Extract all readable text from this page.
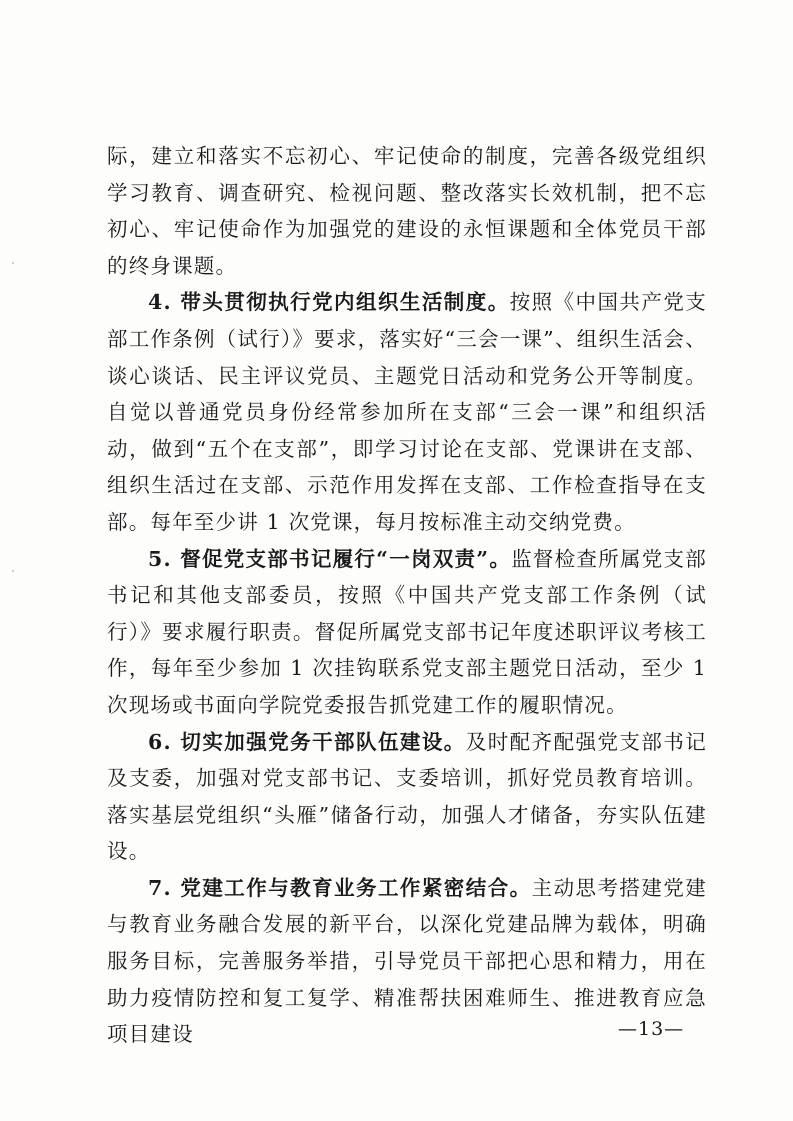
际，建立和落实不忘初心、牢记使命的制度，完善各级党组织学习教育、调查研究、检视问题、整改落实长效机制，把不忘初心、牢记使命作为加强党的建设的永恒课题和全体党员干部的终身课题。

4. 带头贯彻执行党内组织生活制度。按照《中国共产党支部工作条例（试行）》要求，落实好“三会一课”、组织生活会、谈心谈话、民主评议党员、主题党日活动和党务公开等制度。自觉以普通党员身份经常参加所在支部“三会一课”和组织活动，做到“五个在支部”，即学习讨论在支部、党课讲在支部、组织生活过在支部、示范作用发挥在支部、工作检查指导在支部。每年至少讲 1 次党课，每月按标准主动交纳党费。

5. 督促党支部书记履行“一岗双责”。监督检查所属党支部书记和其他支部委员，按照《中国共产党支部工作条例（试行）》要求履行职责。督促所属党支部书记年度述职评议考核工作，每年至少参加 1 次挂钩联系党支部主题党日活动，至少 1 次现场或书面向学院党委报告抓党建工作的履职情况。

6. 切实加强党务干部队伍建设。及时配齐配强党支部书记及支委，加强对党支部书记、支委培训，抓好党员教育培训。落实基层党组织“头雁”储备行动，加强人才储备，夯实队伍建设。

7. 党建工作与教育业务工作紧密结合。主动思考搭建党建与教育业务融合发展的新平台，以深化党建品牌为载体，明确服务目标，完善服务举措，引导党员干部把心思和精力，用在助力疫情防控和复工复学、精准帮扶困难师生、推进教育应急项目建设	—13—
